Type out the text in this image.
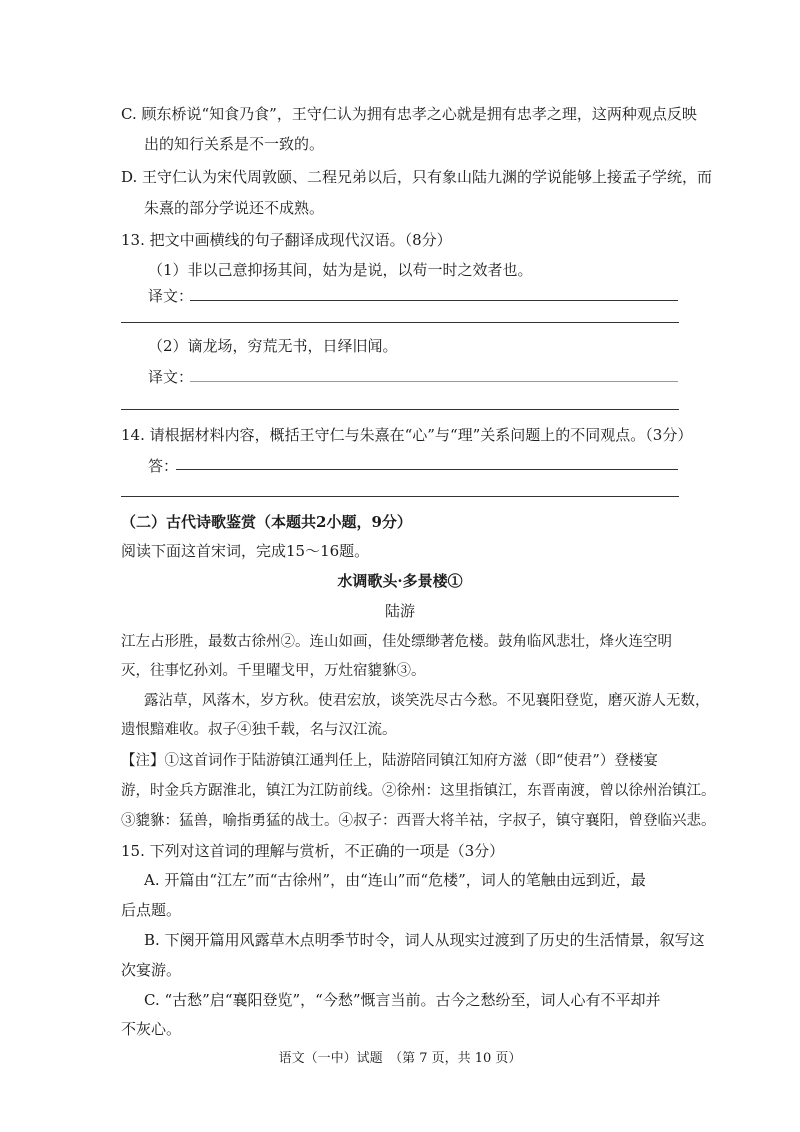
C. 顾东桥说“知食乃食”，王守仁认为拥有忠孝之心就是拥有忠孝之理，这两种观点反映
出的知行关系是不一致的。
D. 王守仁认为宋代周敦颐、二程兄弟以后，只有象山陆九渊的学说能够上接孟子学统，而
朱熹的部分学说还不成熟。
13. 把文中画横线的句子翻译成现代汉语。（8分）
（1）非以己意抑扬其间，姑为是说，以苟一时之效者也。
译文：
（2）谪龙场，穷荒无书，日绎旧闻。
译文：
14. 请根据材料内容，概括王守仁与朱熹在“心”与“理”关系问题上的不同观点。（3分）
答：
（二）古代诗歌鉴赏（本题共2小题，9分）
阅读下面这首宋词，完成15～16题。
水调歌头·多景楼①
陆游
江左占形胜，最数古徐州②。连山如画，佳处缥缈著危楼。鼓角临风悲壮，烽火连空明
灭，往事忆孙刘。千里曜戈甲，万灶宿貔貅③。
露沾草，风落木，岁方秋。使君宏放，谈笑洗尽古今愁。不见襄阳登览，磨灭游人无数，
遗恨黯难收。叔子④独千载，名与汉江流。
【注】①这首词作于陆游镇江通判任上，陆游陪同镇江知府方滋（即“使君”）登楼宴
游，时金兵方踞淮北，镇江为江防前线。②徐州：这里指镇江，东晋南渡，曾以徐州治镇江。
③貔貅：猛兽，喻指勇猛的战士。④叔子：西晋大将羊祜，字叔子，镇守襄阳，曾登临兴悲。
15. 下列对这首词的理解与赏析，不正确的一项是（3分）
A. 开篇由“江左”而“古徐州”，由“连山”而“危楼”，词人的笔触由远到近，最
后点题。
B. 下阕开篇用风露草木点明季节时令，词人从现实过渡到了历史的生活情景，叙写这
次宴游。
C. “古愁”启“襄阳登览”，“今愁”慨言当前。古今之愁纷至，词人心有不平却并
不灰心。
语文（一中）试题　（第 7 页，共 10 页）
